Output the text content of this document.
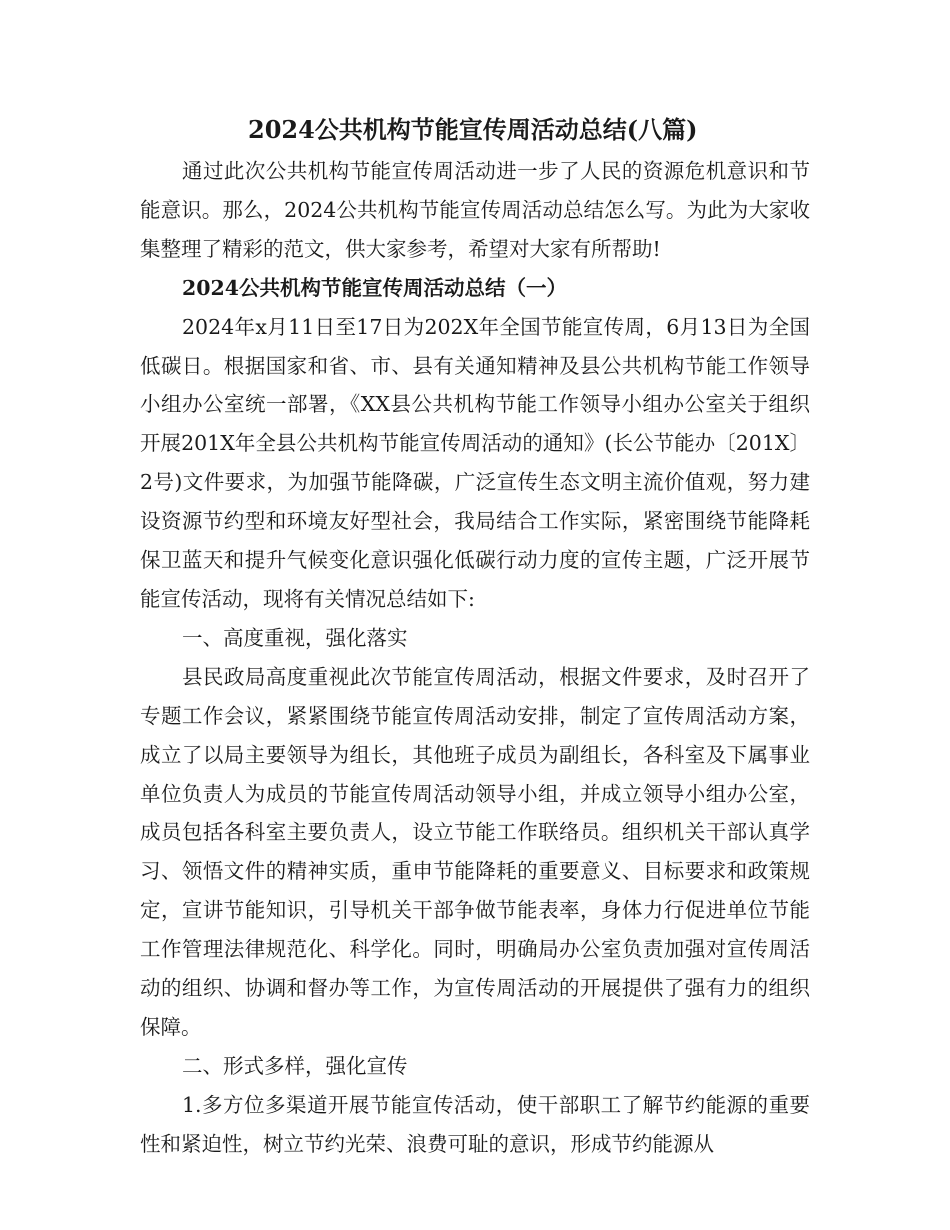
2024公共机构节能宣传周活动总结(八篇)

通过此次公共机构节能宣传周活动进一步了人民的资源危机意识和节能意识。那么，2024公共机构节能宣传周活动总结怎么写。为此为大家收集整理了精彩的范文，供大家参考，希望对大家有所帮助!

2024公共机构节能宣传周活动总结（一）

2024年x月11日至17日为202X年全国节能宣传周，6月13日为全国低碳日。根据国家和省、市、县有关通知精神及县公共机构节能工作领导小组办公室统一部署，《XX县公共机构节能工作领导小组办公室关于组织开展201X年全县公共机构节能宣传周活动的通知》(长公节能办〔201X〕2号)文件要求，为加强节能降碳，广泛宣传生态文明主流价值观，努力建设资源节约型和环境友好型社会，我局结合工作实际，紧密围绕节能降耗保卫蓝天和提升气候变化意识强化低碳行动力度的宣传主题，广泛开展节能宣传活动，现将有关情况总结如下:

一、高度重视，强化落实

县民政局高度重视此次节能宣传周活动，根据文件要求，及时召开了专题工作会议，紧紧围绕节能宣传周活动安排，制定了宣传周活动方案，成立了以局主要领导为组长，其他班子成员为副组长，各科室及下属事业单位负责人为成员的节能宣传周活动领导小组，并成立领导小组办公室，成员包括各科室主要负责人，设立节能工作联络员。组织机关干部认真学习、领悟文件的精神实质，重申节能降耗的重要意义、目标要求和政策规定，宣讲节能知识，引导机关干部争做节能表率，身体力行促进单位节能工作管理法律规范化、科学化。同时，明确局办公室负责加强对宣传周活动的组织、协调和督办等工作，为宣传周活动的开展提供了强有力的组织保障。

二、形式多样，强化宣传

1.多方位多渠道开展节能宣传活动，使干部职工了解节约能源的重要性和紧迫性，树立节约光荣、浪费可耻的意识，形成节约能源从
